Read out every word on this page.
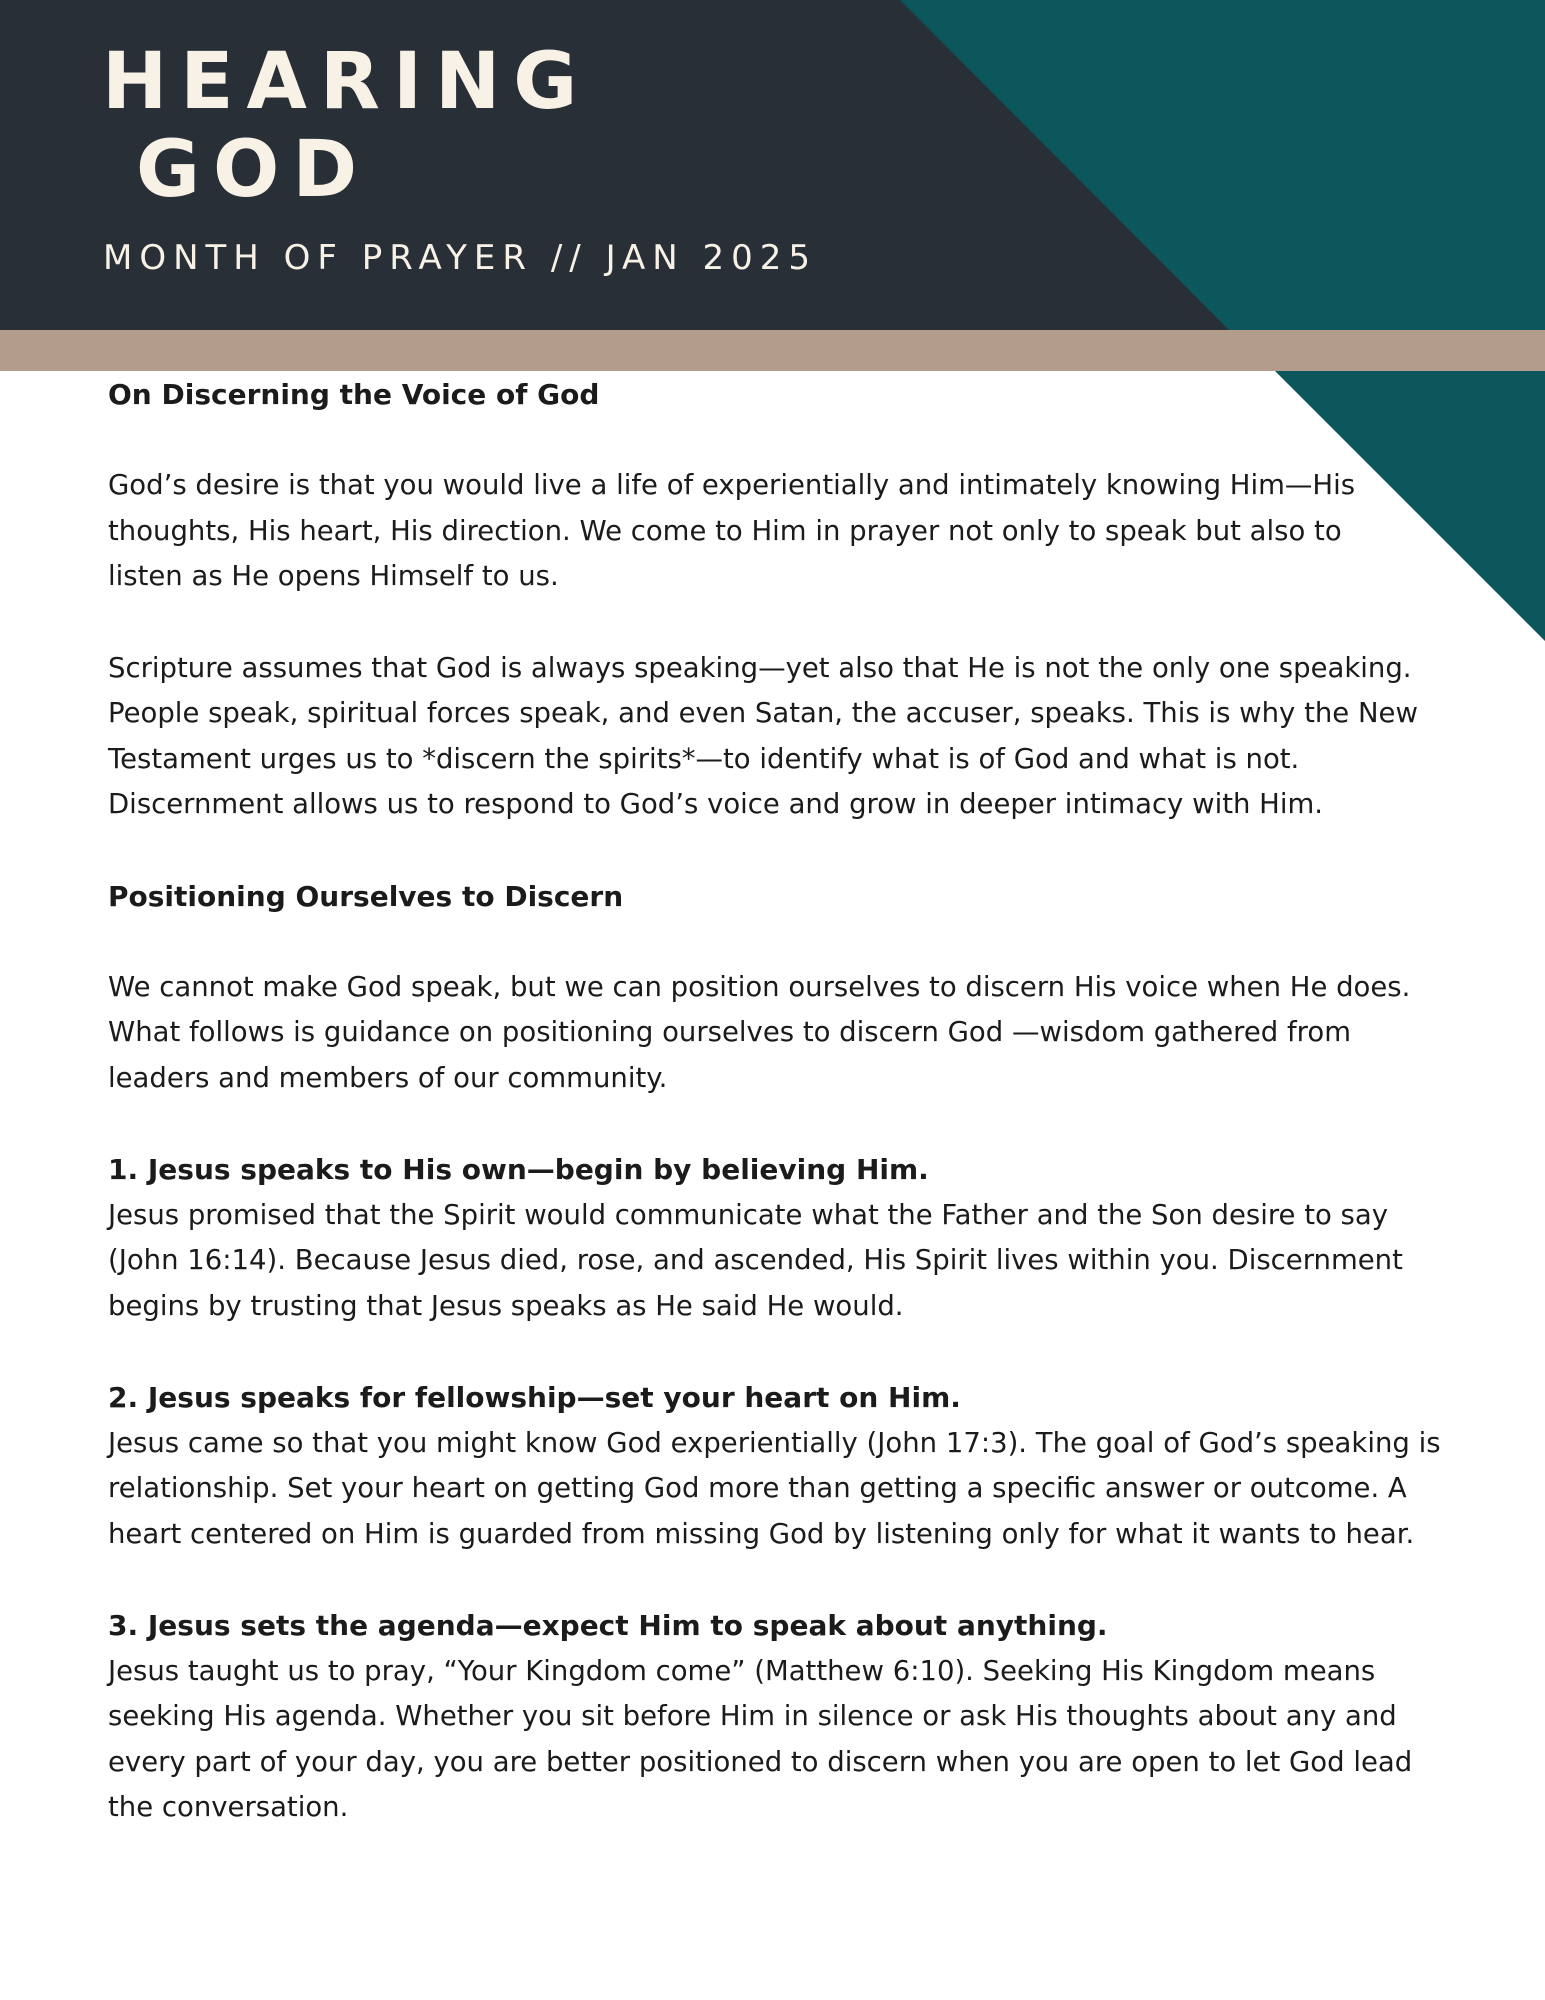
HEARING
GOD
MONTH OF PRAYER // JAN 2025
On Discerning the Voice of God

God’s desire is that you would live a life of experientially and intimately knowing Him—His thoughts, His heart, His direction. We come to Him in prayer not only to speak but also to listen as He opens Himself to us.

Scripture assumes that God is always speaking—yet also that He is not the only one speaking. People speak, spiritual forces speak, and even Satan, the accuser, speaks. This is why the New Testament urges us to *discern the spirits*—to identify what is of God and what is not. Discernment allows us to respond to God’s voice and grow in deeper intimacy with Him.

Positioning Ourselves to Discern

We cannot make God speak, but we can position ourselves to discern His voice when He does. What follows is guidance on positioning ourselves to discern God —wisdom gathered from leaders and members of our community.

1. Jesus speaks to His own—begin by believing Him.

Jesus promised that the Spirit would communicate what the Father and the Son desire to say (John 16:14). Because Jesus died, rose, and ascended, His Spirit lives within you. Discernment begins by trusting that Jesus speaks as He said He would.

2. Jesus speaks for fellowship—set your heart on Him.

Jesus came so that you might know God experientially (John 17:3). The goal of God’s speaking is relationship. Set your heart on getting God more than getting a specific answer or outcome. A heart centered on Him is guarded from missing God by listening only for what it wants to hear.

3. Jesus sets the agenda—expect Him to speak about anything.

Jesus taught us to pray, “Your Kingdom come” (Matthew 6:10). Seeking His Kingdom means seeking His agenda. Whether you sit before Him in silence or ask His thoughts about any and every part of your day, you are better positioned to discern when you are open to let God lead the conversation.
